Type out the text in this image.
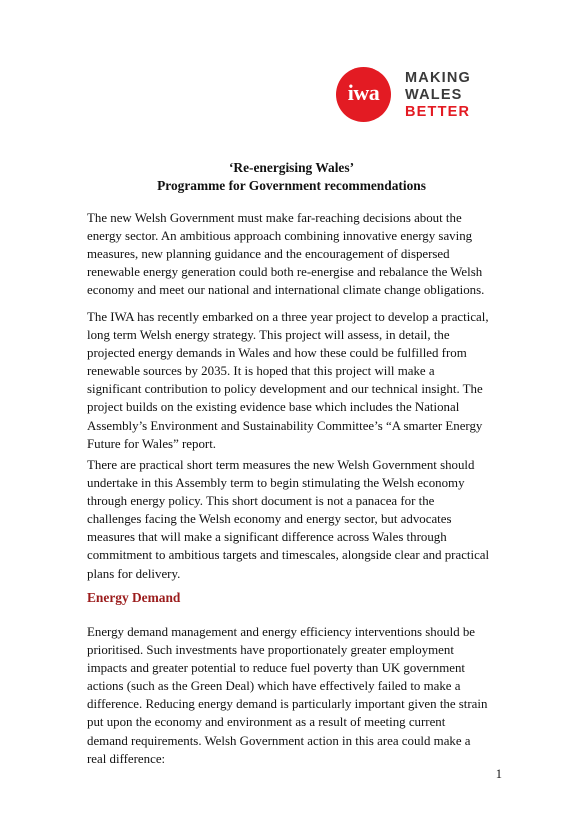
iwa
MAKING
WALES
BETTER
‘Re-energising Wales’
Programme for Government recommendations

The new Welsh Government must make far-reaching decisions about the
energy sector. An ambitious approach combining innovative energy saving
measures, new planning guidance and the encouragement of dispersed
renewable energy generation could both re-energise and rebalance the Welsh
economy and meet our national and international climate change obligations.

The IWA has recently embarked on a three year project to develop a practical,
long term Welsh energy strategy. This project will assess, in detail, the
projected energy demands in Wales and how these could be fulfilled from
renewable sources by 2035. It is hoped that this project will make a
significant contribution to policy development and our technical insight. The
project builds on the existing evidence base which includes the National
Assembly’s Environment and Sustainability Committee’s “A smarter Energy
Future for Wales” report.

There are practical short term measures the new Welsh Government should
undertake in this Assembly term to begin stimulating the Welsh economy
through energy policy. This short document is not a panacea for the
challenges facing the Welsh economy and energy sector, but advocates
measures that will make a significant difference across Wales through
commitment to ambitious targets and timescales, alongside clear and practical
plans for delivery.

Energy Demand

Energy demand management and energy efficiency interventions should be
prioritised. Such investments have proportionately greater employment
impacts and greater potential to reduce fuel poverty than UK government
actions (such as the Green Deal) which have effectively failed to make a
difference. Reducing energy demand is particularly important given the strain
put upon the economy and environment as a result of meeting current
demand requirements. Welsh Government action in this area could make a
real difference:

1
